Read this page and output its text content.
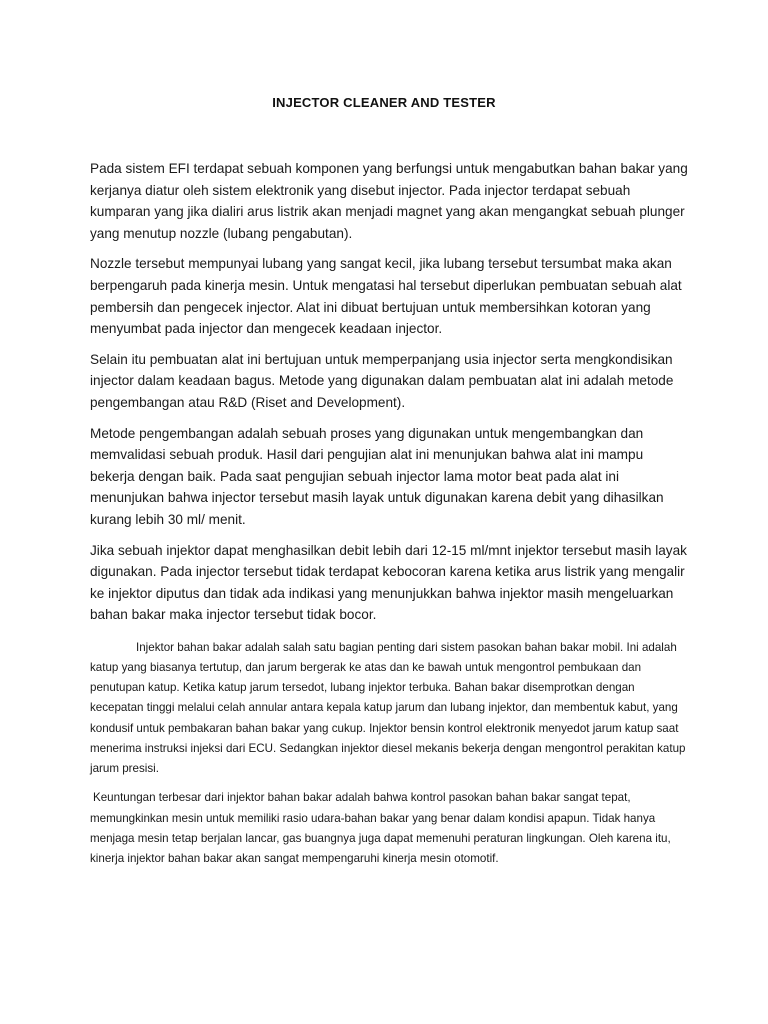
INJECTOR CLEANER AND TESTER

Pada sistem EFI terdapat sebuah komponen yang berfungsi untuk mengabutkan bahan bakar yang kerjanya diatur oleh sistem elektronik yang disebut injector. Pada injector terdapat sebuah kumparan yang jika dialiri arus listrik akan menjadi magnet yang akan mengangkat sebuah plunger yang menutup nozzle (lubang pengabutan).

Nozzle tersebut mempunyai lubang yang sangat kecil, jika lubang tersebut tersumbat maka akan berpengaruh pada kinerja mesin. Untuk mengatasi hal tersebut diperlukan pembuatan sebuah alat pembersih dan pengecek injector. Alat ini dibuat bertujuan untuk membersihkan kotoran yang menyumbat pada injector dan mengecek keadaan injector.

Selain itu pembuatan alat ini bertujuan untuk memperpanjang usia injector serta mengkondisikan injector dalam keadaan bagus. Metode yang digunakan dalam pembuatan alat ini adalah metode pengembangan atau R&D (Riset and Development).

Metode pengembangan adalah sebuah proses yang digunakan untuk mengembangkan dan memvalidasi sebuah produk. Hasil dari pengujian alat ini menunjukan bahwa alat ini mampu bekerja dengan baik. Pada saat pengujian sebuah injector lama motor beat pada alat ini menunjukan bahwa injector tersebut masih layak untuk digunakan karena debit yang dihasilkan kurang lebih 30 ml/ menit.

Jika sebuah injektor dapat menghasilkan debit lebih dari 12-15 ml/mnt injektor tersebut masih layak digunakan. Pada injector tersebut tidak terdapat kebocoran karena ketika arus listrik yang mengalir ke injektor diputus dan tidak ada indikasi yang menunjukkan bahwa injektor masih mengeluarkan bahan bakar maka injector tersebut tidak bocor.

Injektor bahan bakar adalah salah satu bagian penting dari sistem pasokan bahan bakar mobil. Ini adalah katup yang biasanya tertutup, dan jarum bergerak ke atas dan ke bawah untuk mengontrol pembukaan dan penutupan katup. Ketika katup jarum tersedot, lubang injektor terbuka. Bahan bakar disemprotkan dengan kecepatan tinggi melalui celah annular antara kepala katup jarum dan lubang injektor, dan membentuk kabut, yang kondusif untuk pembakaran bahan bakar yang cukup. Injektor bensin kontrol elektronik menyedot jarum katup saat menerima instruksi injeksi dari ECU. Sedangkan injektor diesel mekanis bekerja dengan mengontrol perakitan katup jarum presisi.

Keuntungan terbesar dari injektor bahan bakar adalah bahwa kontrol pasokan bahan bakar sangat tepat, memungkinkan mesin untuk memiliki rasio udara-bahan bakar yang benar dalam kondisi apapun. Tidak hanya menjaga mesin tetap berjalan lancar, gas buangnya juga dapat memenuhi peraturan lingkungan. Oleh karena itu, kinerja injektor bahan bakar akan sangat mempengaruhi kinerja mesin otomotif.
